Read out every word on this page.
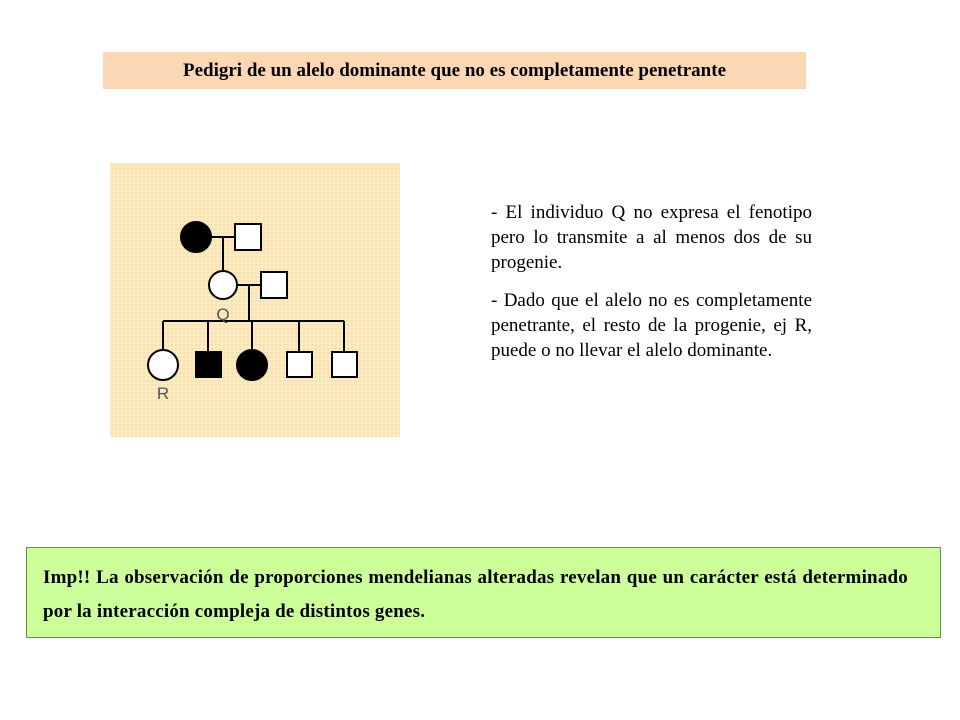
Pedigri de un alelo dominante que no es completamente penetrante
Q
R

- El individuo Q no expresa el fenotipo pero lo transmite a al menos dos de su progenie.

- Dado que el alelo no es completamente penetrante, el resto de la progenie, ej R, puede o no llevar el alelo dominante.

Imp!! La observación de proporciones mendelianas alteradas revelan que un carácter está determinado por la interacción compleja de distintos genes.
